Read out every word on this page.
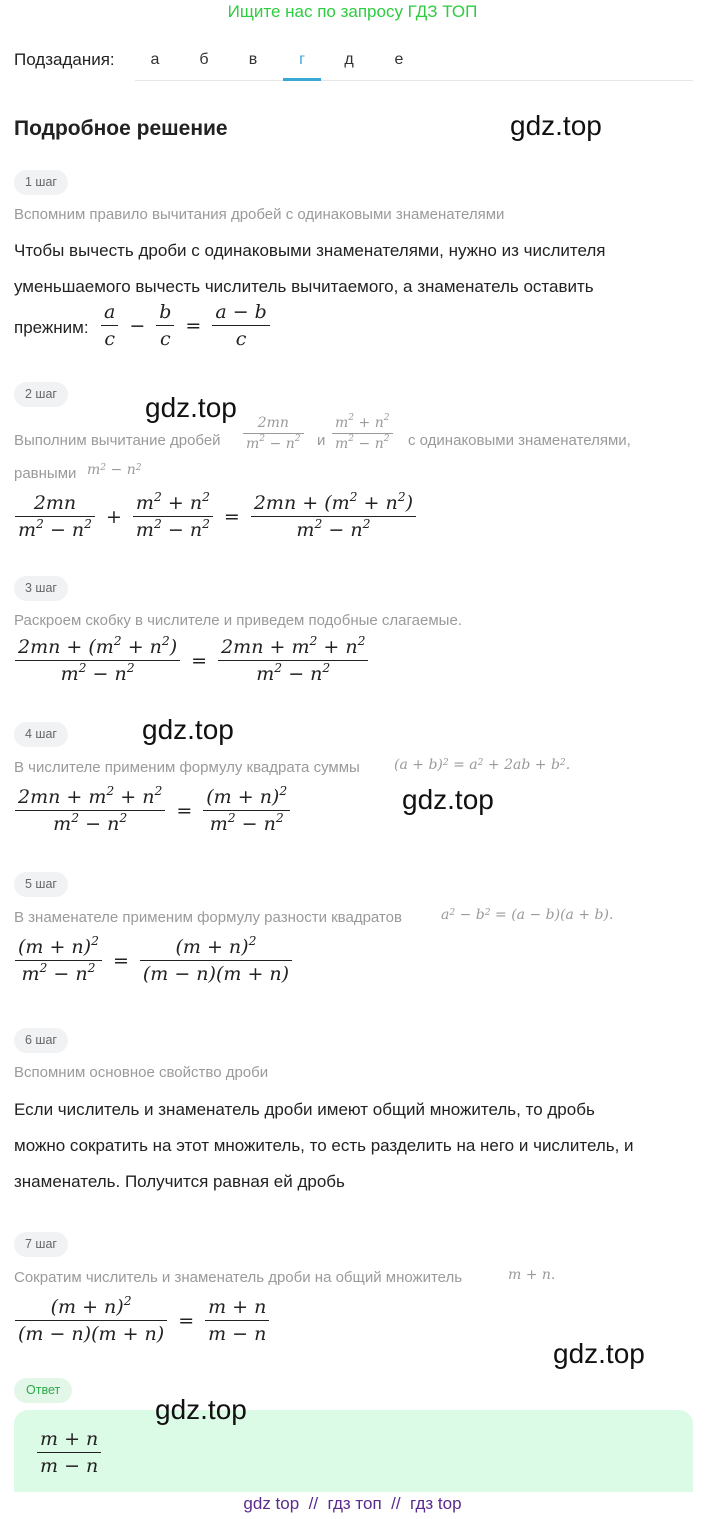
Ищите нас по запросу ГДЗ ТОП
Подзадания:	а	б	в	г	д	е
Подробное решение	gdz.top
1 шаг
Вспомним правило вычитания дробей с одинаковыми знаменателями
Чтобы вычесть дроби с одинаковыми знаменателями, нужно из числителя
уменьшаемого вычесть числитель вычитаемого, а знаменатель оставить
прежним: $\frac{a}{c} - \frac{b}{c} = \frac{a - b}{c}$
2 шаг	gdz.top
Выполним вычитание дробей $\frac{2mn}{m^2 - n^2}$ и $\frac{m^2 + n^2}{m^2 - n^2}$ с одинаковыми знаменателями,
равными $m^2$
− $n^2$
$\frac{2mn}{m^2 - n^2} + \frac{m^2 + n^2}{m^2 - n^2} = \frac{2mn + (m^2 + n^2)}{m^2 - n^2}$
3 шаг
Раскроем скобку в числителе и приведем подобные слагаемые.
$\frac{2mn + (m^2 + n^2)}{m^2 - n^2} = \frac{2mn + m^2 + n^2}{m^2 - n^2}$
4 шаг	gdz.top
В числителе применим формулу квадрата суммы $(a + b)^2$
= $a^2$
+ $2ab + b^2$ .
$\frac{2mn + m^2 + n^2}{m^2 - n^2} = \frac{(m + n)^2}{m^2 - n^2}$	gdz.top
5 шаг
В знаменателе применим формулу разности квадратов	$a^2$
− $b^2$
= (a − b)(a + b).
$\frac{(m + n)^2}{m^2 - n^2} = \frac{(m + n)^2}{(m - n)(m + n)}$
6 шаг
Вспомним основное свойство дроби
Если числитель и знаменатель дроби имеют общий множитель, то дробь
можно сократить на этот множитель, то есть разделить на него и числитель, и
знаменатель. Получится равная ей дробь
7 шаг
Сократим числитель и знаменатель дроби на общий множитель	m + n.
$\frac{(m + n)^2}{(m - n)(m + n)} = \frac{m + n}{m - n}$
gdz.top
Ответ
gdz.top
$\frac{m + n}{m - n}$
gdz top // гдз топ // гдз top
